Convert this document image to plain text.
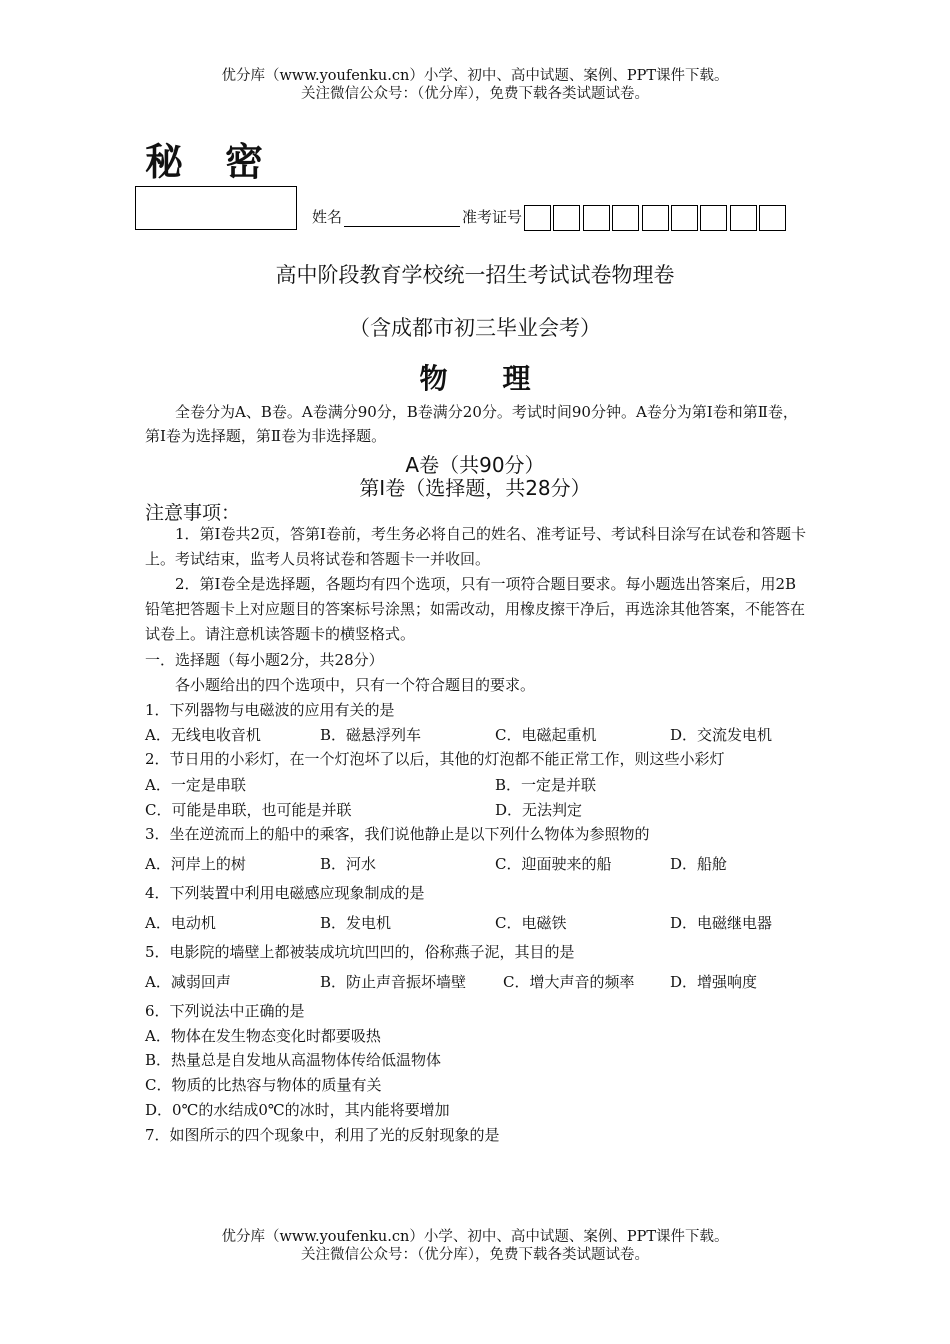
优分库（www.youfenku.cn）小学、初中、高中试题、案例、PPT课件下载。
关注微信公众号：（优分库），免费下载各类试题试卷。
秘密
姓名	准考证号
高中阶段教育学校统一招生考试试卷物理卷
（含成都市初三毕业会考）
物理
全卷分为A、B卷。A卷满分90分，B卷满分20分。考试时间90分钟。A卷分为第Ⅰ卷和第Ⅱ卷，第Ⅰ卷为选择题，第Ⅱ卷为非选择题。
A卷（共90分）
第Ⅰ卷（选择题，共28分）
注意事项：
1．第Ⅰ卷共2页，答第Ⅰ卷前，考生务必将自己的姓名、准考证号、考试科目涂写在试卷和答题卡上。考试结束，监考人员将试卷和答题卡一并收回。
2．第Ⅰ卷全是选择题，各题均有四个选项，只有一项符合题目要求。每小题选出答案后，用2B铅笔把答题卡上对应题目的答案标号涂黑；如需改动，用橡皮擦干净后，再选涂其他答案，不能答在试卷上。请注意机读答题卡的横竖格式。
一．选择题（每小题2分，共28分）
各小题给出的四个选项中，只有一个符合题目的要求。
1．下列器物与电磁波的应用有关的是
A．无线电收音机	B．磁悬浮列车	C．电磁起重机	D．交流发电机
2．节日用的小彩灯，在一个灯泡坏了以后，其他的灯泡都不能正常工作，则这些小彩灯
A．一定是串联	B．一定是并联
C．可能是串联，也可能是并联	D．无法判定
3．坐在逆流而上的船中的乘客，我们说他静止是以下列什么物体为参照物的
A．河岸上的树	B．河水	C．迎面驶来的船	D．船舱
4．下列装置中利用电磁感应现象制成的是
A．电动机	B．发电机	C．电磁铁	D．电磁继电器
5．电影院的墙壁上都被装成坑坑凹凹的，俗称燕子泥，其目的是
A．减弱回声	B．防止声音振坏墙壁 C．增大声音的频率 D．增强响度
6．下列说法中正确的是
A．物体在发生物态变化时都要吸热
B．热量总是自发地从高温物体传给低温物体
C．物质的比热容与物体的质量有关
D．0℃的水结成0℃的冰时，其内能将要增加
7．如图所示的四个现象中，利用了光的反射现象的是
优分库（www.youfenku.cn）小学、初中、高中试题、案例、PPT课件下载。
关注微信公众号：（优分库），免费下载各类试题试卷。
